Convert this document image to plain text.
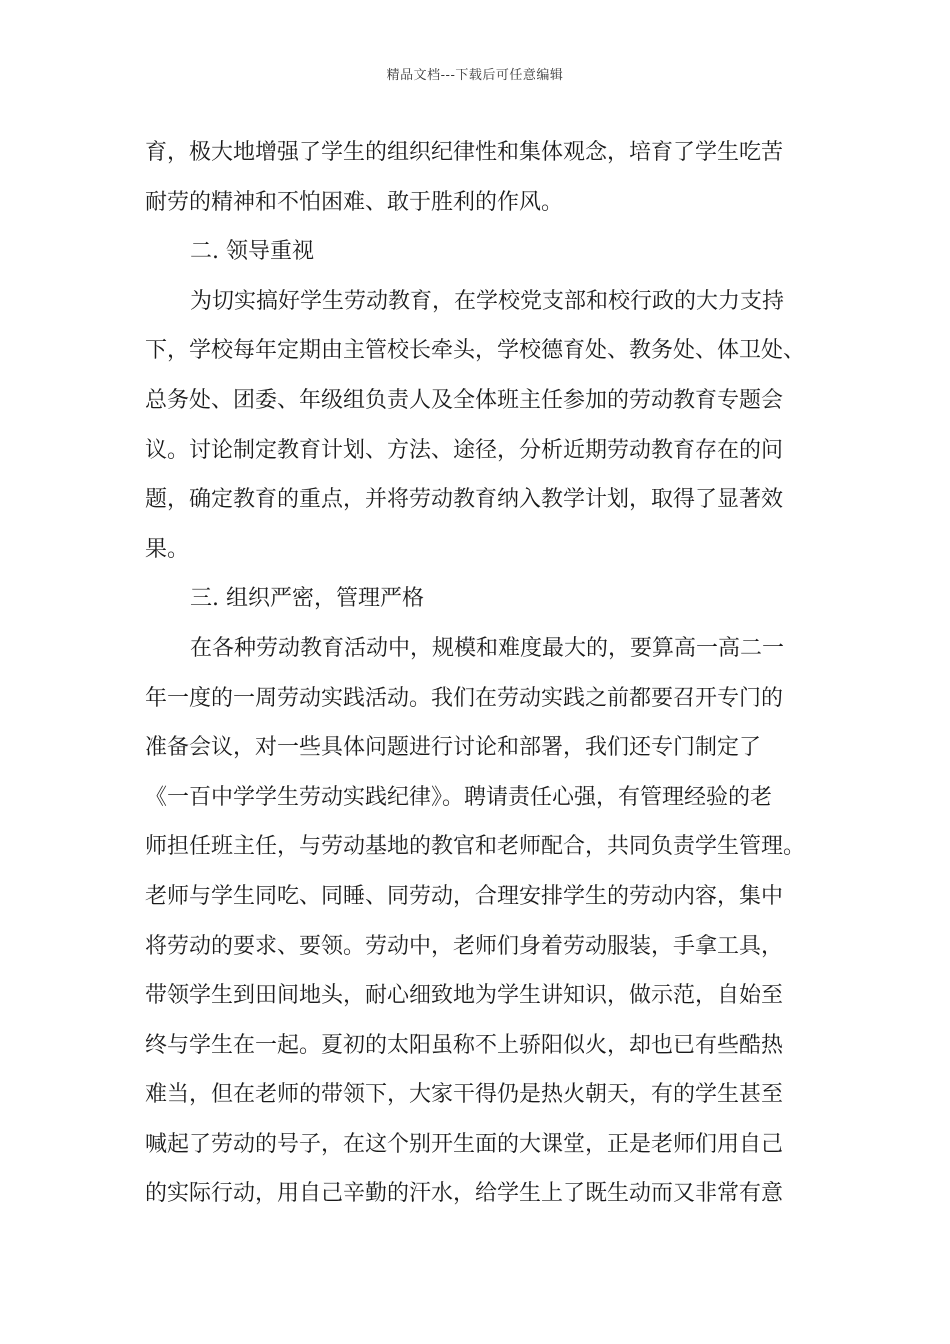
精品文档---下载后可任意编辑
育，极大地增强了学生的组织纪律性和集体观念，培育了学生吃苦
耐劳的精神和不怕困难、敢于胜利的作风。
二. 领导重视
为切实搞好学生劳动教育，在学校党支部和校行政的大力支持
下，学校每年定期由主管校长牵头，学校德育处、教务处、体卫处、
总务处、团委、年级组负责人及全体班主任参加的劳动教育专题会
议。讨论制定教育计划、方法、途径，分析近期劳动教育存在的问
题，确定教育的重点，并将劳动教育纳入教学计划，取得了显著效
果。
三. 组织严密，管理严格
在各种劳动教育活动中，规模和难度最大的，要算高一高二一
年一度的一周劳动实践活动。我们在劳动实践之前都要召开专门的
准备会议，对一些具体问题进行讨论和部署，我们还专门制定了
《一百中学学生劳动实践纪律》。聘请责任心强，有管理经验的老
师担任班主任，与劳动基地的教官和老师配合，共同负责学生管理。
老师与学生同吃、同睡、同劳动，合理安排学生的劳动内容，集中
将劳动的要求、要领。劳动中，老师们身着劳动服装，手拿工具，
带领学生到田间地头，耐心细致地为学生讲知识，做示范，自始至
终与学生在一起。夏初的太阳虽称不上骄阳似火，却也已有些酷热
难当，但在老师的带领下，大家干得仍是热火朝天，有的学生甚至
喊起了劳动的号子，在这个别开生面的大课堂，正是老师们用自己
的实际行动，用自己辛勤的汗水，给学生上了既生动而又非常有意
